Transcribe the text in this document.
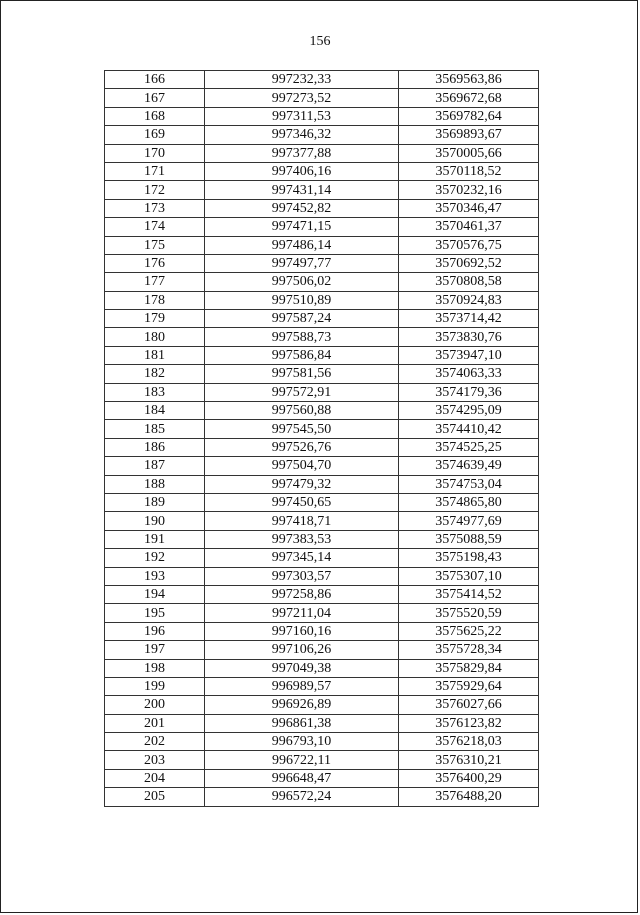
156
166	997232,33	3569563,86
167	997273,52	3569672,68
168	997311,53	3569782,64
169	997346,32	3569893,67
170	997377,88	3570005,66
171	997406,16	3570118,52
172	997431,14	3570232,16
173	997452,82	3570346,47
174	997471,15	3570461,37
175	997486,14	3570576,75
176	997497,77	3570692,52
177	997506,02	3570808,58
178	997510,89	3570924,83
179	997587,24	3573714,42
180	997588,73	3573830,76
181	997586,84	3573947,10
182	997581,56	3574063,33
183	997572,91	3574179,36
184	997560,88	3574295,09
185	997545,50	3574410,42
186	997526,76	3574525,25
187	997504,70	3574639,49
188	997479,32	3574753,04
189	997450,65	3574865,80
190	997418,71	3574977,69
191	997383,53	3575088,59
192	997345,14	3575198,43
193	997303,57	3575307,10
194	997258,86	3575414,52
195	997211,04	3575520,59
196	997160,16	3575625,22
197	997106,26	3575728,34
198	997049,38	3575829,84
199	996989,57	3575929,64
200	996926,89	3576027,66
201	996861,38	3576123,82
202	996793,10	3576218,03
203	996722,11	3576310,21
204	996648,47	3576400,29
205	996572,24	3576488,20
